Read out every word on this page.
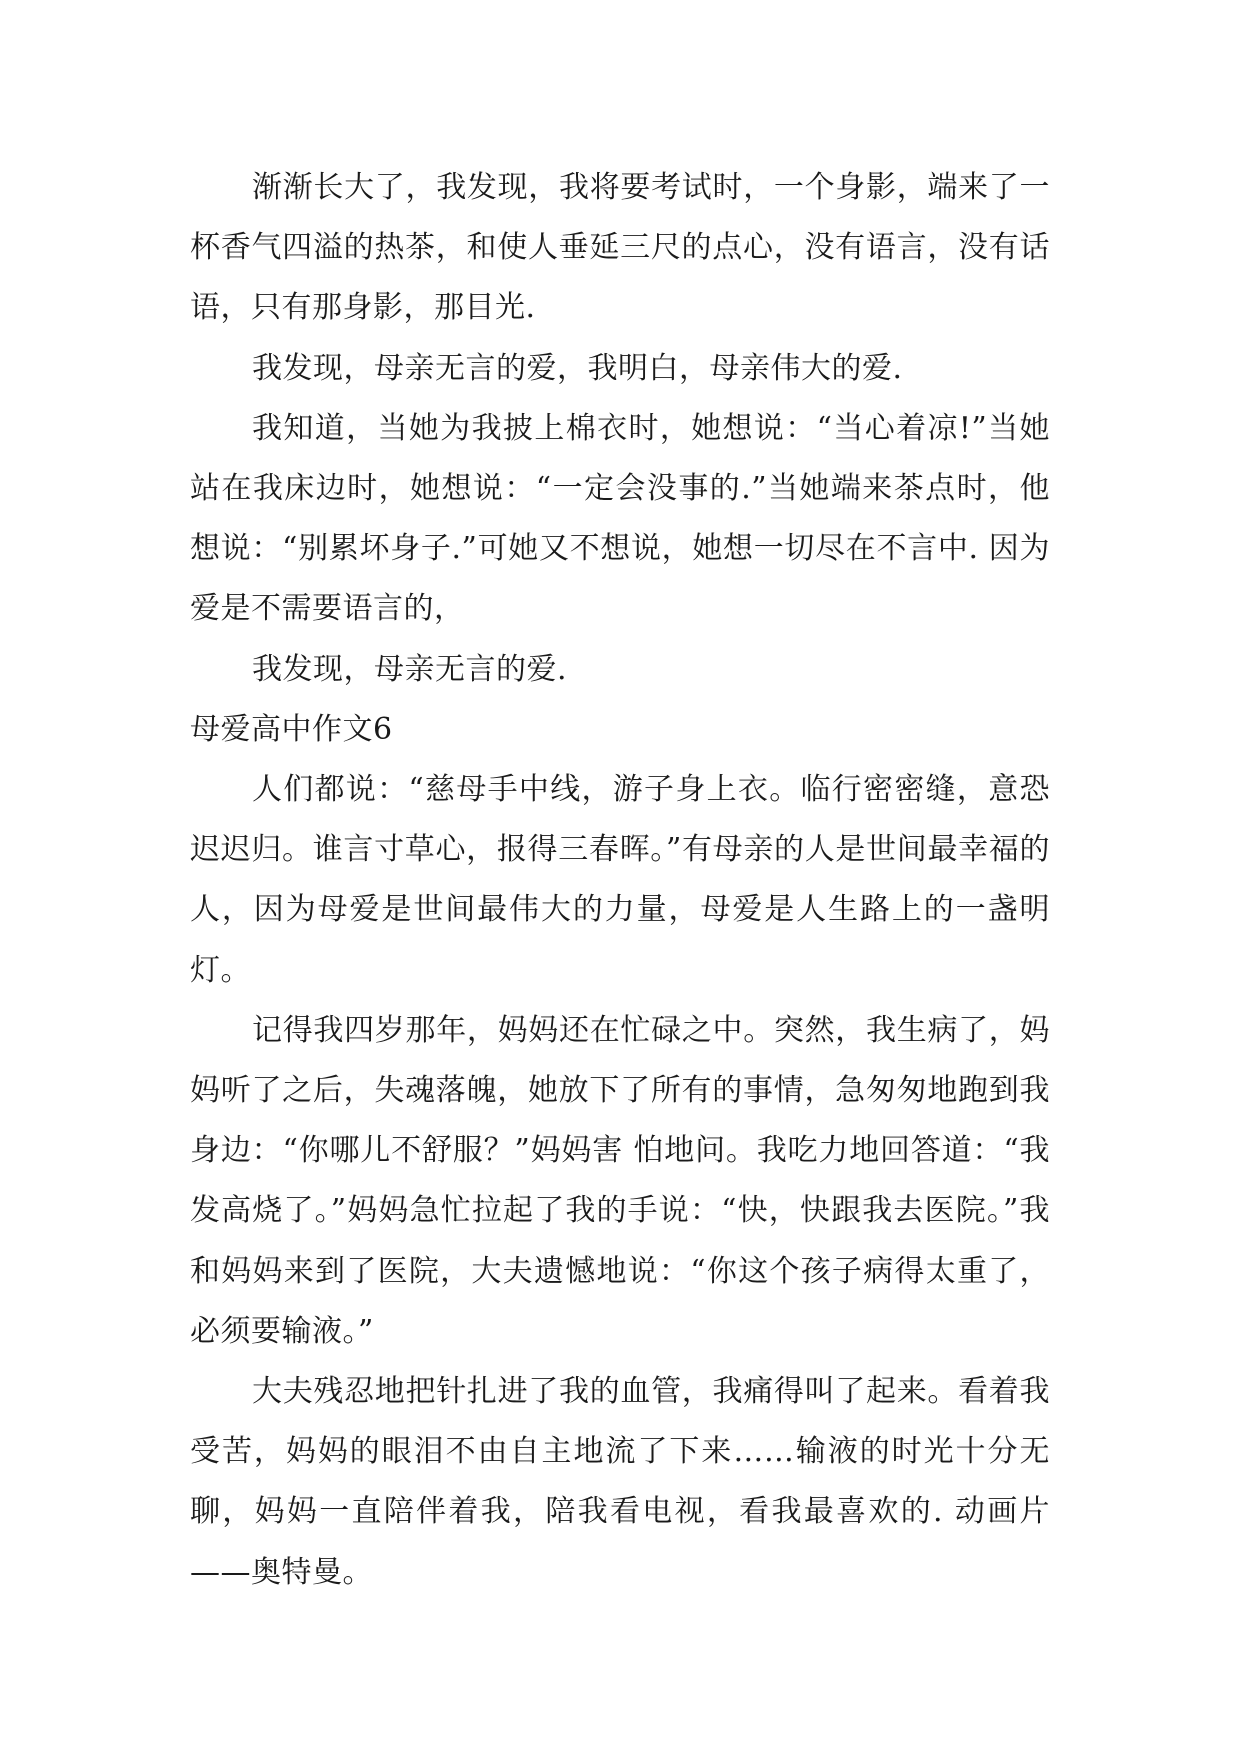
渐渐长大了，我发现，我将要考试时，一个身影，端来了一杯香气四溢的热茶，和使人垂延三尺的点心，没有语言，没有话语，只有那身影，那目光.

我发现，母亲无言的爱，我明白，母亲伟大的爱.

我知道，当她为我披上棉衣时，她想说：“当心着凉!”当她站在我床边时，她想说：“一定会没事的.”当她端来茶点时，他想说：“别累坏身子.”可她又不想说，她想一切尽在不言中. 因为爱是不需要语言的，

我发现，母亲无言的爱.

母爱高中作文6

人们都说：“慈母手中线，游子身上衣。临行密密缝，意恐迟迟归。谁言寸草心，报得三春晖。”有母亲的人是世间最幸福的人，因为母爱是世间最伟大的力量，母爱是人生路上的一盏明灯。

记得我四岁那年，妈妈还在忙碌之中。突然，我生病了，妈妈听了之后，失魂落魄，她放下了所有的事情，急匆匆地跑到我身边：“你哪儿不舒服？”妈妈害 怕地问。我吃力地回答道：“我发高烧了。”妈妈急忙拉起了我的手说：“快，快跟我去医院。”我和妈妈来到了医院，大夫遗憾地说：“你这个孩子病得太重了， 必须要输液。”

大夫残忍地把针扎进了我的血管，我痛得叫了起来。看着我受苦，妈妈的眼泪不由自主地流了下来……输液的时光十分无聊，妈妈一直陪伴着我，陪我看电视，看我最喜欢的. 动画片——奥特曼。
